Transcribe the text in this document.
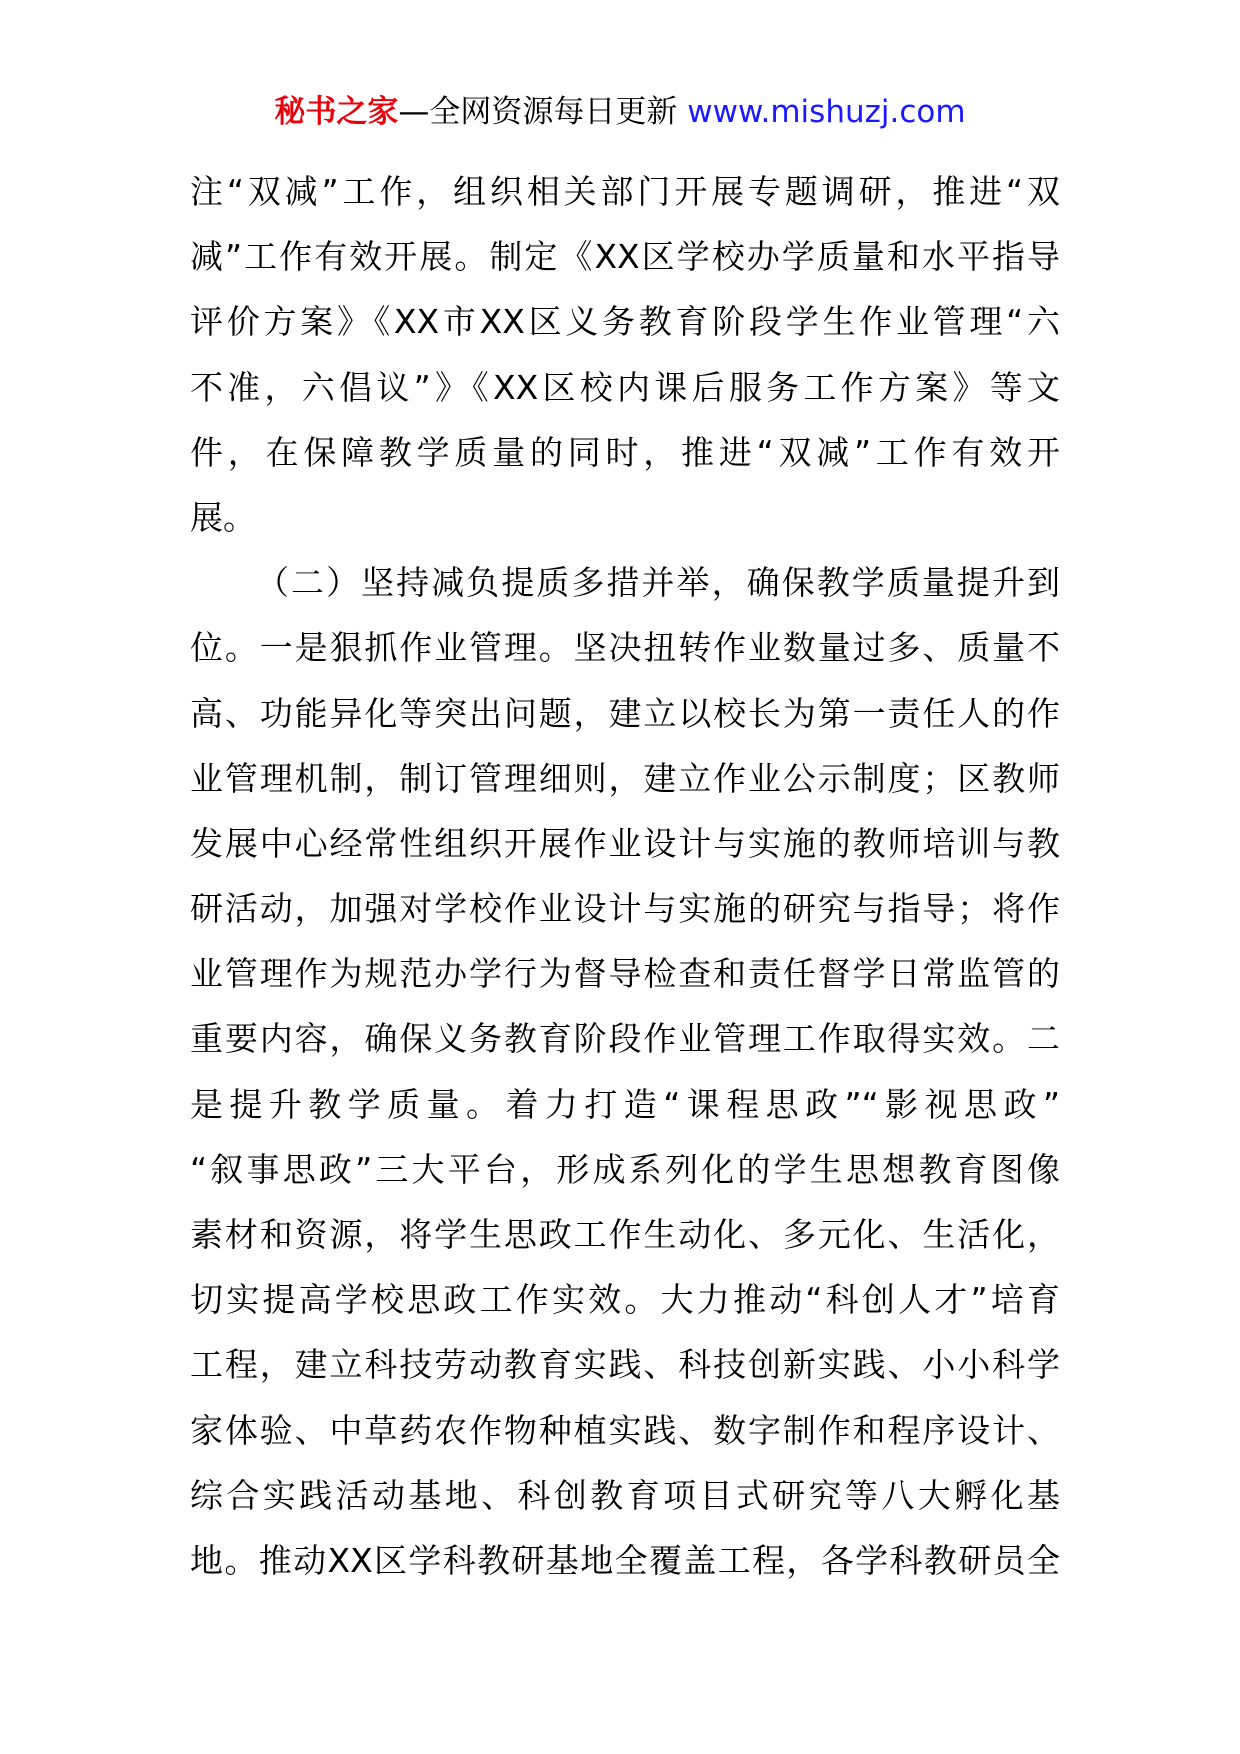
秘书之家—全网资源每日更新 www.mishuzj.com
注“双减”工作，组织相关部门开展专题调研，推进“双
减”工作有效开展。制定《XX区学校办学质量和水平指导
评价方案》《XX市XX区义务教育阶段学生作业管理“六
不准，六倡议”》《XX区校内课后服务工作方案》等文
件，在保障教学质量的同时，推进“双减”工作有效开
展。
（二）坚持减负提质多措并举，确保教学质量提升到
位。一是狠抓作业管理。坚决扭转作业数量过多、质量不
高、功能异化等突出问题，建立以校长为第一责任人的作
业管理机制，制订管理细则，建立作业公示制度；区教师
发展中心经常性组织开展作业设计与实施的教师培训与教
研活动，加强对学校作业设计与实施的研究与指导；将作
业管理作为规范办学行为督导检查和责任督学日常监管的
重要内容，确保义务教育阶段作业管理工作取得实效。二
是提升教学质量。着力打造“课程思政”“影视思政”
“叙事思政”三大平台，形成系列化的学生思想教育图像
素材和资源，将学生思政工作生动化、多元化、生活化，
切实提高学校思政工作实效。大力推动“科创人才”培育
工程，建立科技劳动教育实践、科技创新实践、小小科学
家体验、中草药农作物种植实践、数字制作和程序设计、
综合实践活动基地、科创教育项目式研究等八大孵化基
地。推动XX区学科教研基地全覆盖工程，各学科教研员全
